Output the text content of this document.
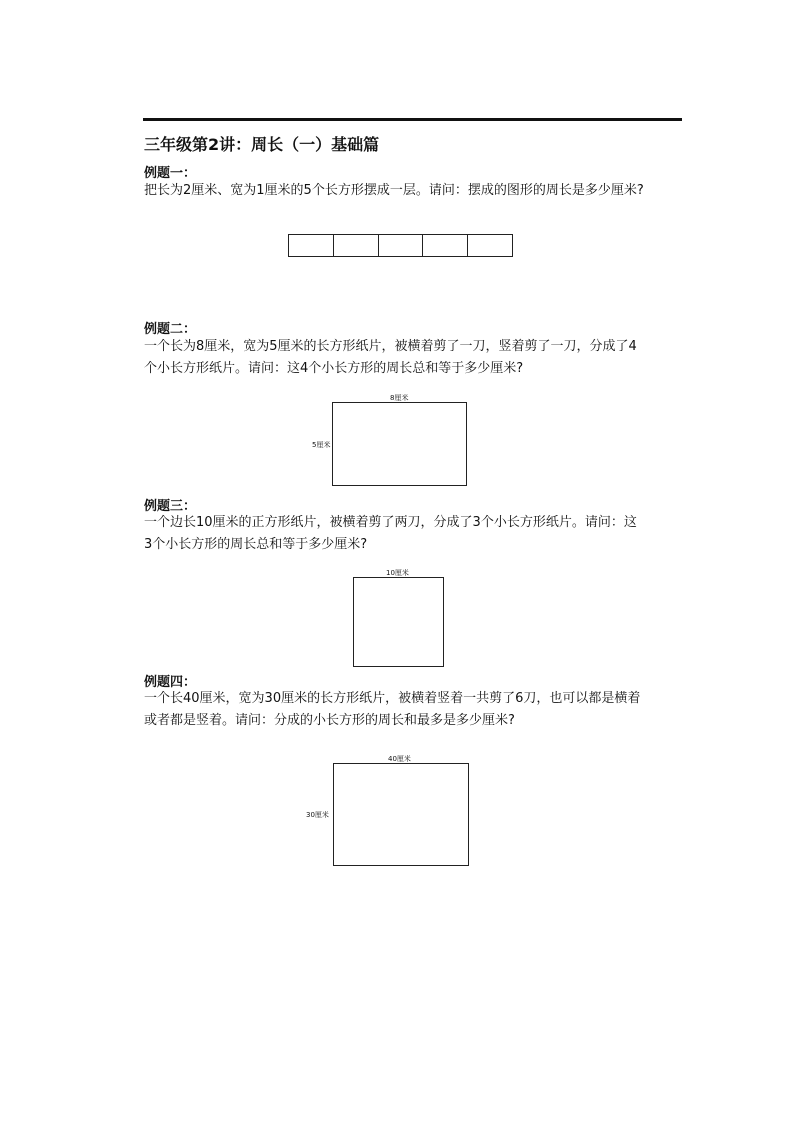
三年级第2讲：周长（一）基础篇
例题一：
把长为2厘米、宽为1厘米的5个长方形摆成一层。请问：摆成的图形的周长是多少厘米?
例题二：
一个长为8厘米，宽为5厘米的长方形纸片，被横着剪了一刀，竖着剪了一刀，分成了4
个小长方形纸片。请问：这4个小长方形的周长总和等于多少厘米?
8厘米
5厘米
例题三：
一个边长10厘米的正方形纸片，被横着剪了两刀，分成了3个小长方形纸片。请问：这
3个小长方形的周长总和等于多少厘米?
10厘米
例题四：
一个长40厘米，宽为30厘米的长方形纸片，被横着竖着一共剪了6刀，也可以都是横着
或者都是竖着。请问：分成的小长方形的周长和最多是多少厘米?
40厘米
30厘米
